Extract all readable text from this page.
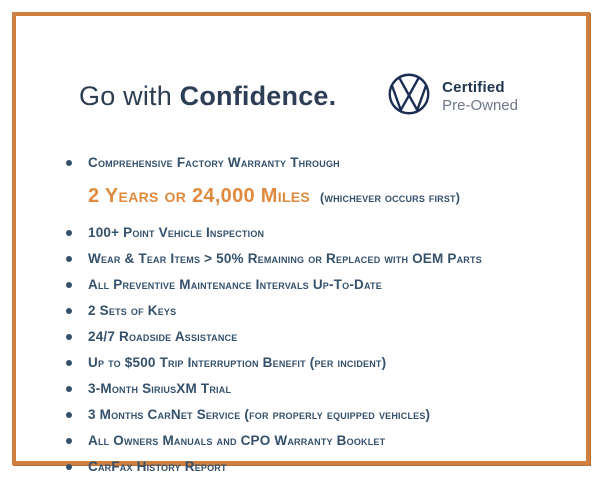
Go with Confidence.	Certified
Pre-Owned
Comprehensive Factory Warranty Through
2 Years or 24,000 Miles (whichever occurs first)
100+ Point Vehicle Inspection
Wear & Tear Items > 50% Remaining or Replaced with OEM Parts
All Preventive Maintenance Intervals Up-To-Date
2 Sets of Keys
24/7 Roadside Assistance
Up to $500 Trip Interruption Benefit (per incident)
3-Month SiriusXM Trial
3 Months CarNet Service (for properly equipped vehicles)
All Owners Manuals and CPO Warranty Booklet
CarFax History Report
